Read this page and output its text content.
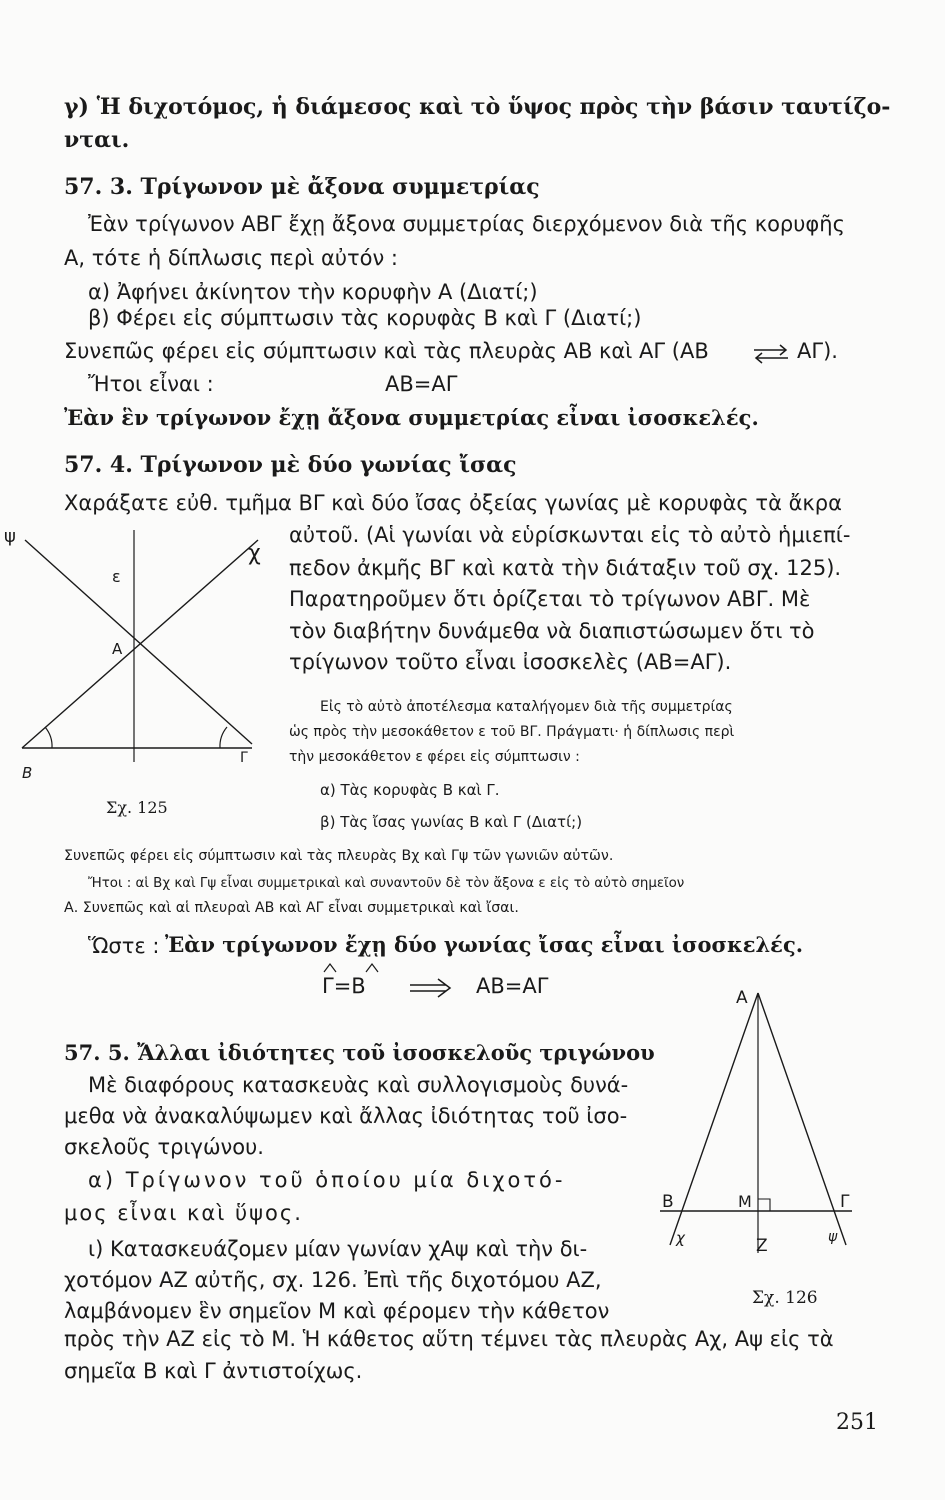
γ) Ἡ διχοτόμος, ἡ διάμεσος καὶ τὸ ὕψος πρὸς τὴν βάσιν ταυτίζο-
νται.
57. 3. Τρίγωνον μὲ ἄξονα συμμετρίας
Ἐὰν τρίγωνον ΑΒΓ ἔχῃ ἄξονα συμμετρίας διερχόμενον διὰ τῆς κορυφῆς
Α, τότε ἡ δίπλωσις περὶ αὐτόν :
α) Ἀφήνει ἀκίνητον τὴν κορυφὴν Α (Διατί;)
β) Φέρει εἰς σύμπτωσιν τὰς κορυφὰς Β καὶ Γ (Διατί;)
Συνεπῶς φέρει εἰς σύμπτωσιν καὶ τὰς πλευρὰς ΑΒ καὶ ΑΓ (ΑΒ	ΑΓ).
Ἤτοι εἶναι :	ΑΒ=ΑΓ
Ἐὰν ἓν τρίγωνον ἔχῃ ἄξονα συμμετρίας εἶναι ἰσοσκελές.
57. 4. Τρίγωνον μὲ δύο γωνίας ἴσας
Χαράξατε εὐθ. τμῆμα ΒΓ καὶ δύο ἴσας ὀξείας γωνίας μὲ κορυφὰς τὰ ἄκρα
αὐτοῦ. (Αἱ γωνίαι νὰ εὑρίσκωνται εἰς τὸ αὐτὸ ἡμιεπί-
πεδον ἀκμῆς ΒΓ καὶ κατὰ τὴν διάταξιν τοῦ σχ. 125).
Παρατηροῦμεν ὅτι ὁρίζεται τὸ τρίγωνον ΑΒΓ. Μὲ
τὸν διαβήτην δυνάμεθα νὰ διαπιστώσωμεν ὅτι τὸ
τρίγωνον τοῦτο εἶναι ἰσοσκελὲς (ΑΒ=ΑΓ).
ψ
χ
ε
Α
Β
Γ
Σχ. 125
Εἰς τὸ αὐτὸ ἀποτέλεσμα καταλήγομεν διὰ τῆς συμμετρίας
ὡς πρὸς τὴν μεσοκάθετον ε τοῦ ΒΓ. Πράγματι· ἡ δίπλωσις περὶ
τὴν μεσοκάθετον ε φέρει εἰς σύμπτωσιν :
α) Τὰς κορυφὰς Β καὶ Γ.
β) Τὰς ἴσας γωνίας Β καὶ Γ (Διατί;)
Συνεπῶς φέρει εἰς σύμπτωσιν καὶ τὰς πλευρὰς Βχ καὶ Γψ τῶν γωνιῶν αὐτῶν.
Ἤτοι : αἱ Βχ καὶ Γψ εἶναι συμμετρικαὶ καὶ συναντοῦν δὲ τὸν ἄξονα ε εἰς τὸ αὐτὸ σημεῖον
Α. Συνεπῶς καὶ αἱ πλευραὶ ΑΒ καὶ ΑΓ εἶναι συμμετρικαὶ καὶ ἴσαι.
Ὥστε : Ἐὰν τρίγωνον ἔχῃ δύο γωνίας ἴσας εἶναι ἰσοσκελές.
Γ=Β	ΑΒ=ΑΓ
57. 5. Ἄλλαι ἰδιότητες τοῦ ἰσοσκελοῦς τριγώνου
Μὲ διαφόρους κατασκευὰς καὶ συλλογισμοὺς δυνά-
μεθα νὰ ἀνακαλύψωμεν καὶ ἄλλας ἰδιότητας τοῦ ἰσο-
σκελοῦς τριγώνου.
α) Τρίγωνον τοῦ ὁποίου μία διχοτό-
μος εἶναι καὶ ὕψος.
ι) Κατασκευάζομεν μίαν γωνίαν χΑψ καὶ τὴν δι-
χοτόμον ΑΖ αὐτῆς, σχ. 126. Ἐπὶ τῆς διχοτόμου ΑΖ,
λαμβάνομεν ἓν σημεῖον Μ καὶ φέρομεν τὴν κάθετον
πρὸς τὴν ΑΖ εἰς τὸ Μ. Ἡ κάθετος αὕτη τέμνει τὰς πλευρὰς Αχ, Αψ εἰς τὰ
σημεῖα Β καὶ Γ ἀντιστοίχως.
Α
Β	Γ
Μ
Ζ
χ	ψ
Σχ. 126
251
